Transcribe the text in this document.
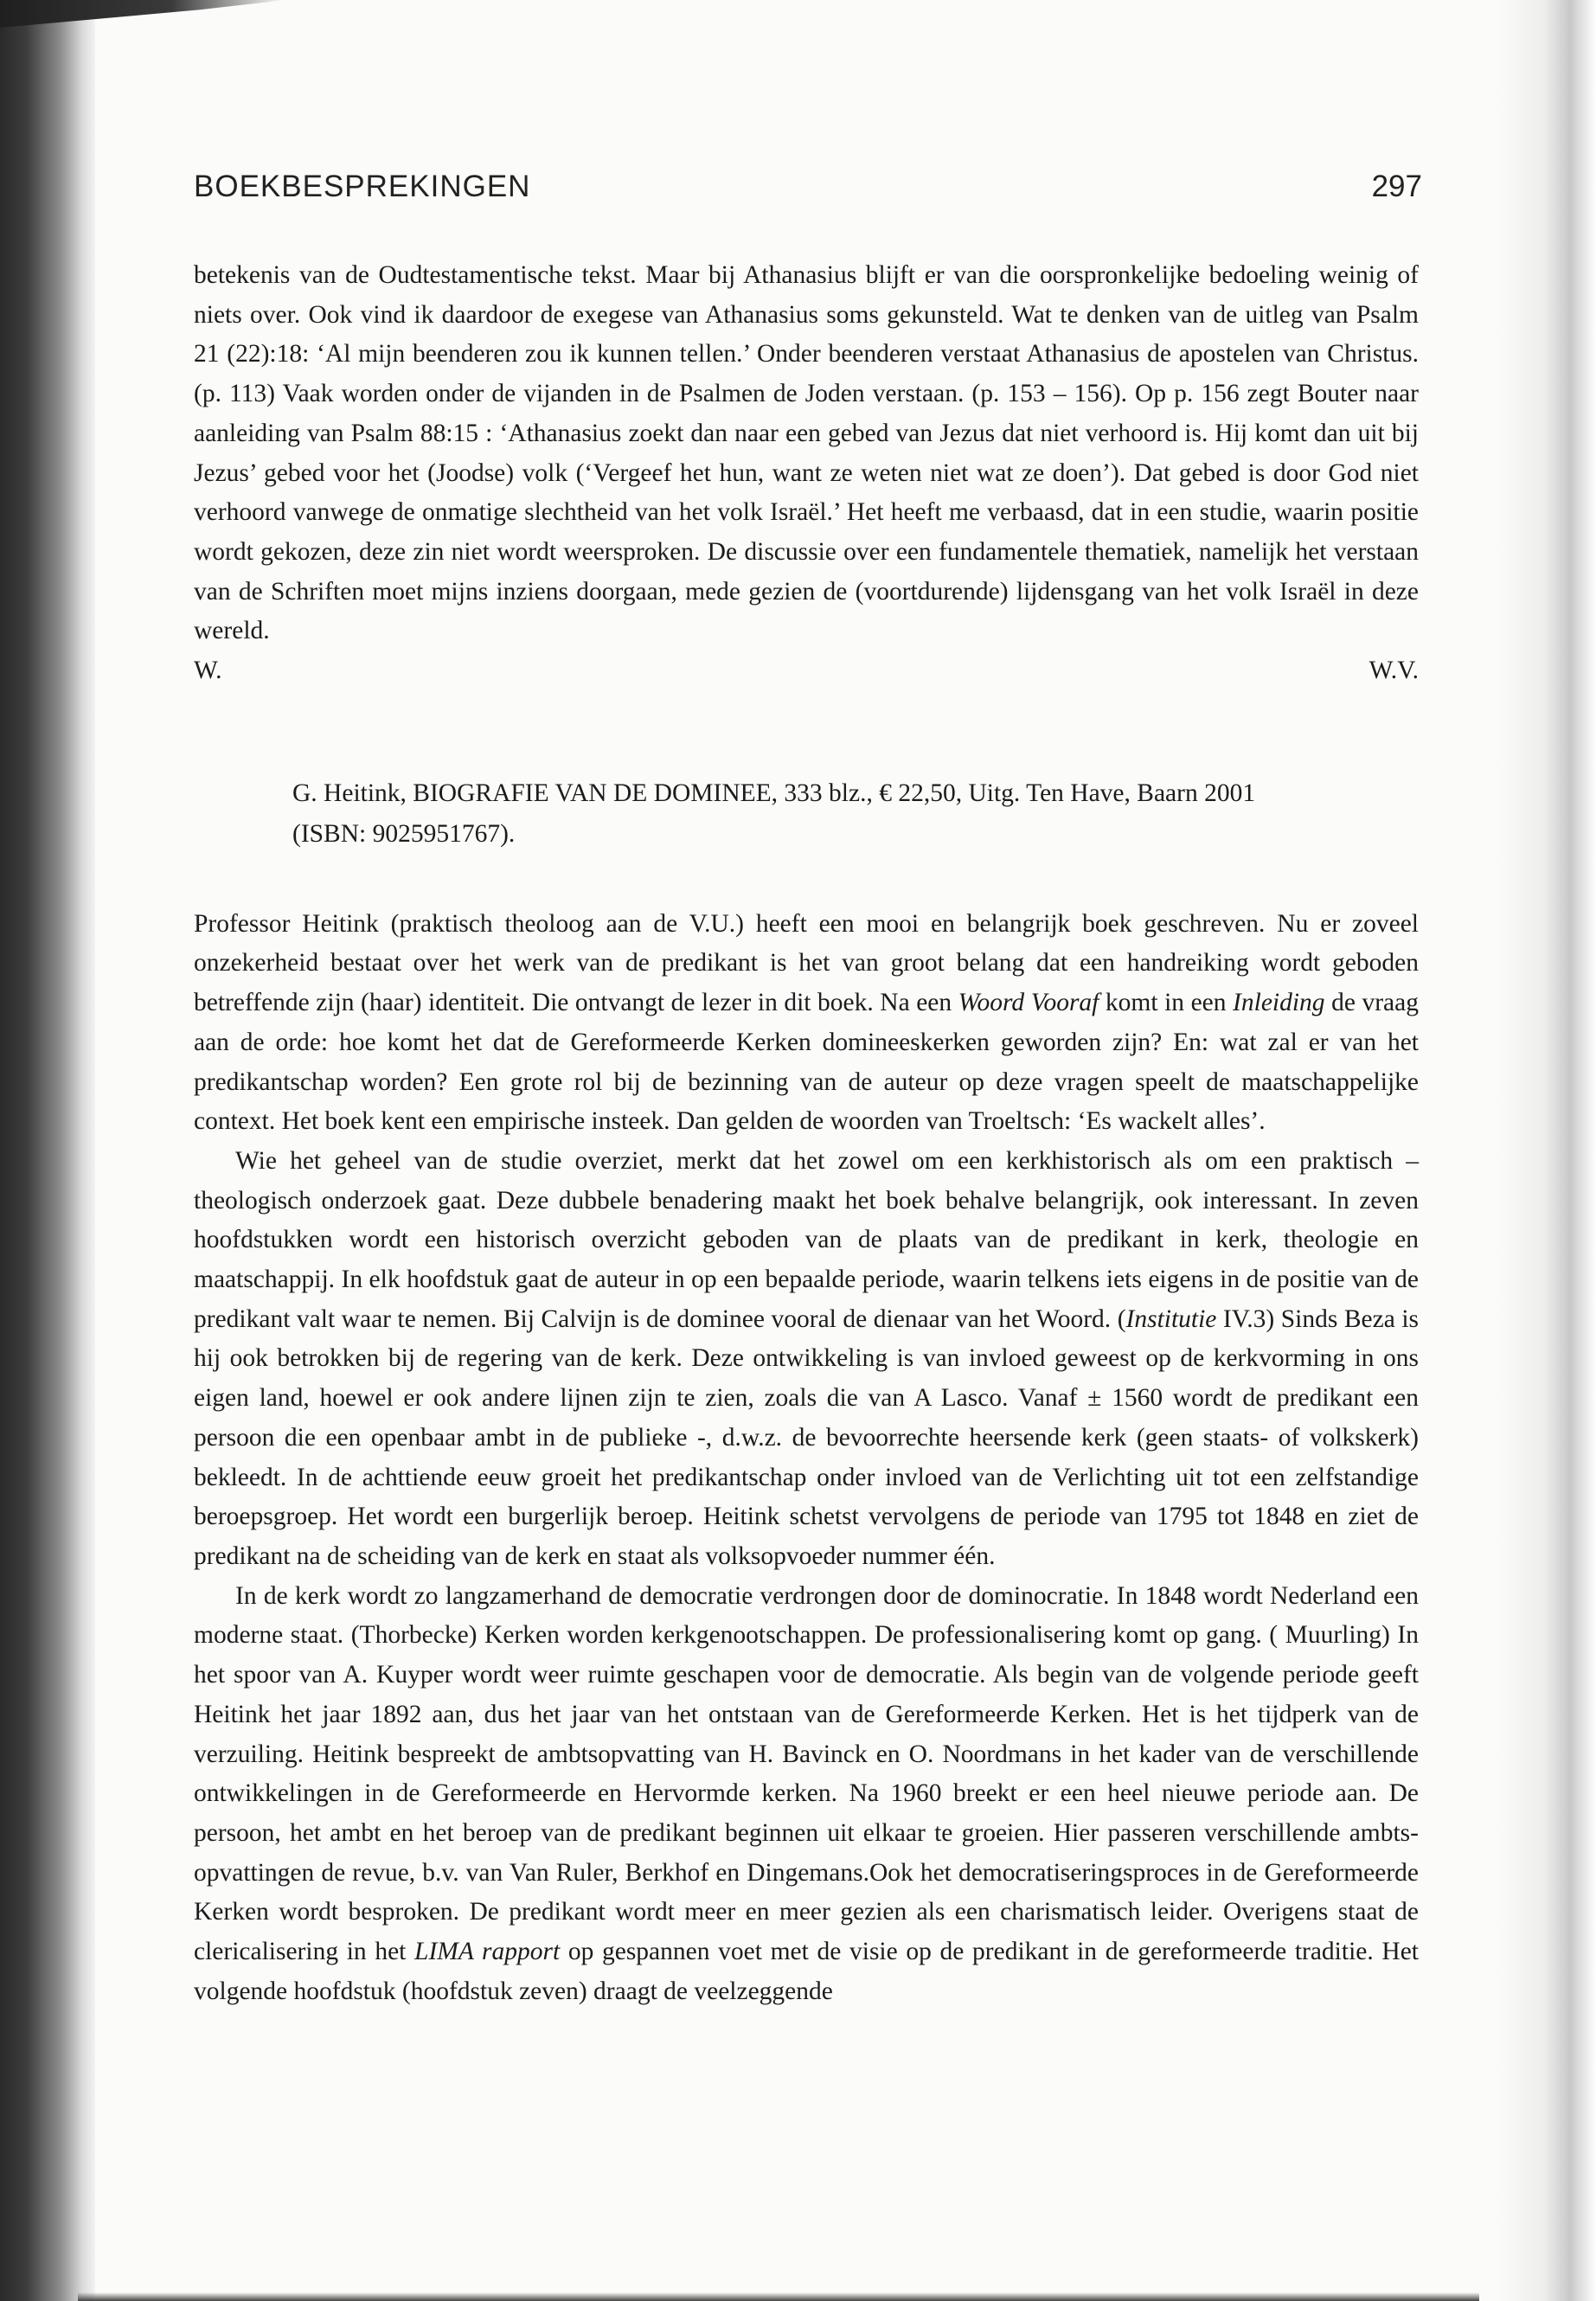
BOEKBESPREKINGEN	297

betekenis van de Oudtestamentische tekst. Maar bij Athanasius blijft er van die oorspronkelijke bedoeling weinig of niets over. Ook vind ik daardoor de exegese van Athanasius soms gekunsteld. Wat te denken van de uitleg van Psalm 21 (22):18: ‘Al mijn beenderen zou ik kunnen tellen.’ Onder beenderen verstaat Athanasius de apostelen van Christus. (p. 113) Vaak worden onder de vijanden in de Psalmen de Joden verstaan. (p. 153 – 156). Op p. 156 zegt Bouter naar aanleiding van Psalm 88:15 : ‘Athanasius zoekt dan naar een gebed van Jezus dat niet verhoord is. Hij komt dan uit bij Jezus’ gebed voor het (Joodse) volk (‘Vergeef het hun, want ze weten niet wat ze doen’). Dat gebed is door God niet verhoord vanwege de onmatige slechtheid van het volk Israël.’ Het heeft me verbaasd, dat in een studie, waarin positie wordt gekozen, deze zin niet wordt weersproken. De discussie over een fundamentele thematiek, namelijk het verstaan van de Schriften moet mijns inziens doorgaan, mede gezien de (voortdurende) lijdensgang van het volk Israël in deze wereld.

W.	W.V.
G. Heitink, BIOGRAFIE VAN DE DOMINEE, 333 blz., € 22,50, Uitg. Ten Have, Baarn 2001
(ISBN: 9025951767).

Professor Heitink (praktisch theoloog aan de V.U.) heeft een mooi en belangrijk boek geschreven. Nu er zoveel onzekerheid bestaat over het werk van de predikant is het van groot belang dat een handreiking wordt geboden betreffende zijn (haar) identiteit. Die ontvangt de lezer in dit boek. Na een Woord Vooraf komt in een Inleiding de vraag aan de orde: hoe komt het dat de Gereformeerde Kerken domineeskerken geworden zijn? En: wat zal er van het predikantschap worden? Een grote rol bij de bezinning van de auteur op deze vragen speelt de maatschappelijke context. Het boek kent een empirische insteek. Dan gelden de woorden van Troeltsch: ‘Es wackelt alles’.

Wie het geheel van de studie overziet, merkt dat het zowel om een kerkhistorisch als om een praktisch – theologisch onderzoek gaat. Deze dubbele benadering maakt het boek behalve belangrijk, ook interessant. In zeven hoofdstukken wordt een historisch overzicht geboden van de plaats van de predikant in kerk, theologie en maatschappij. In elk hoofdstuk gaat de auteur in op een bepaalde periode, waarin telkens iets eigens in de positie van de predikant valt waar te nemen. Bij Calvijn is de dominee vooral de dienaar van het Woord. (Institutie IV.3) Sinds Beza is hij ook betrokken bij de regering van de kerk. Deze ontwikkeling is van invloed geweest op de kerkvorming in ons eigen land, hoewel er ook andere lijnen zijn te zien, zoals die van A Lasco. Vanaf ± 1560 wordt de predikant een persoon die een openbaar ambt in de publieke -, d.w.z. de bevoorrechte heersende kerk (geen staats- of volkskerk) bekleedt. In de achttiende eeuw groeit het predikantschap onder invloed van de Verlichting uit tot een zelfstandige beroepsgroep. Het wordt een burgerlijk beroep. Heitink schetst vervolgens de periode van 1795 tot 1848 en ziet de predikant na de scheiding van de kerk en staat als volksopvoeder nummer één.

In de kerk wordt zo langzamerhand de democratie verdrongen door de dominocratie. In 1848 wordt Nederland een moderne staat. (Thorbecke) Kerken worden kerkgenootschappen. De professionalisering komt op gang. ( Muurling) In het spoor van A. Kuyper wordt weer ruimte geschapen voor de democratie. Als begin van de volgende periode geeft Heitink het jaar 1892 aan, dus het jaar van het ontstaan van de Gereformeerde Kerken. Het is het tijdperk van de verzuiling. Heitink bespreekt de ambtsopvatting van H. Bavinck en O. Noordmans in het kader van de verschillende ontwikkelingen in de Gereformeerde en Hervormde kerken. Na 1960 breekt er een heel nieuwe periode aan. De persoon, het ambt en het beroep van de predikant beginnen uit elkaar te groeien. Hier passeren verschillende ambtsopvattingen de revue, b.v. van Van Ruler, Berkhof en Dingemans.Ook het democratiseringsproces in de Gereformeerde Kerken wordt besproken. De predikant wordt meer en meer gezien als een charismatisch leider. Overigens staat de clericalisering in het LIMA rapport op gespannen voet met de visie op de predikant in de gereformeerde traditie. Het volgende hoofdstuk (hoofdstuk zeven) draagt de veelzeggende
